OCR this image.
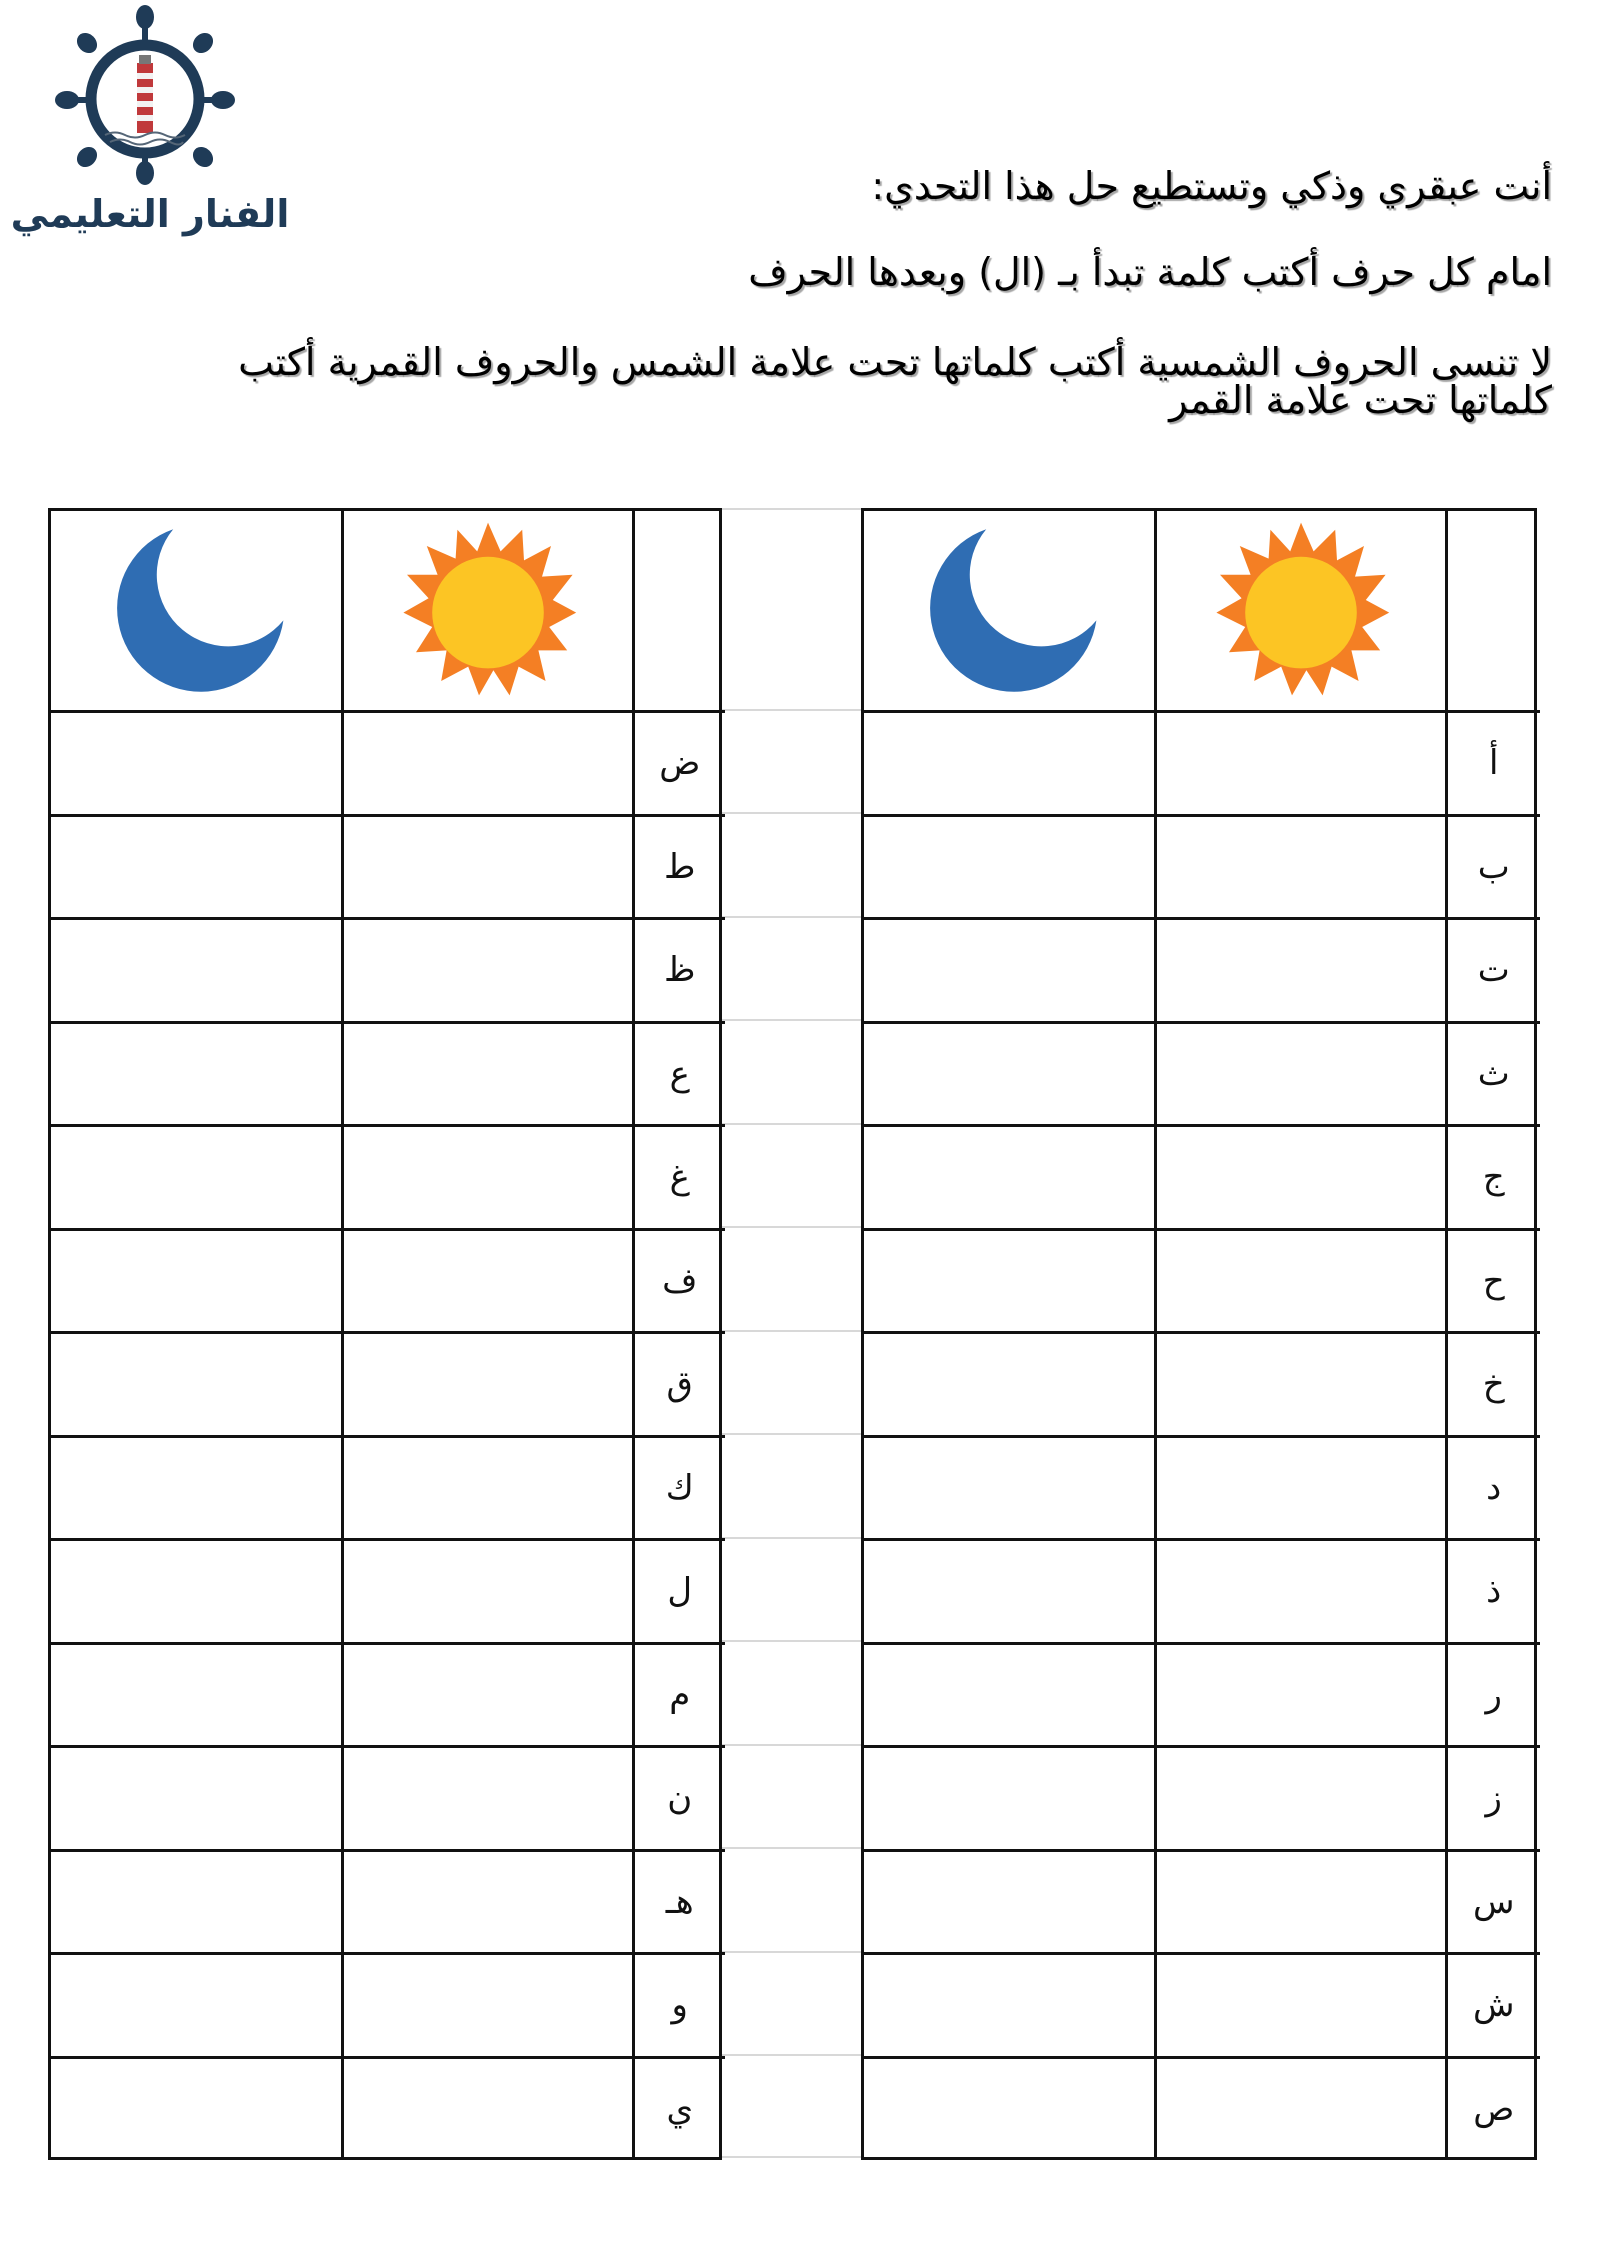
الفنار التعليمي
أنت عبقري وذكي وتستطيع حل هذا التحدي:
امام كل حرف أكتب كلمة تبدأ بـ (ال) وبعدها الحرف
لا تنسى الحروف الشمسية أكتب كلماتها تحت علامة الشمس والحروف القمرية أكتب كلماتها تحت علامة القمر

		ض
		ط
		ظ
		ع
		غ
		ف
		ق
		ك
		ل
		م
		ن
		هـ
		و
		ي

		أ
		ب
		ت
		ث
		ج
		ح
		خ
		د
		ذ
		ر
		ز
		س
		ش
		ص
